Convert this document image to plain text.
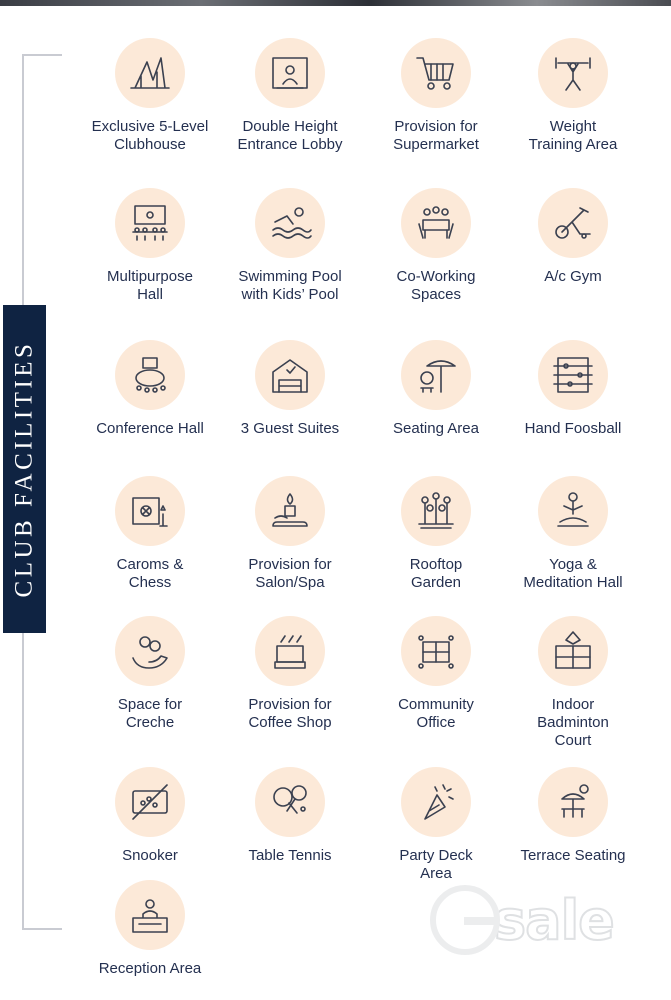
CLUB FACILITIES
Exclusive 5-Level
Clubhouse
Double Height
Entrance Lobby
Provision for
Supermarket
Weight
Training Area
Multipurpose
Hall
Swimming Pool
with Kids’ Pool
Co-Working
Spaces
A/c Gym
Conference Hall	3 Guest Suites	Seating Area	Hand Foosball
Caroms &
Chess
Provision for
Salon/Spa
Rooftop
Garden
Yoga &
Meditation Hall
Space for
Creche
Provision for
Coffee Shop
Community
Office
Indoor
Badminton
Court
Snooker	Table Tennis	Party Deck
Area
Terrace Seating
Reception Area
sale
